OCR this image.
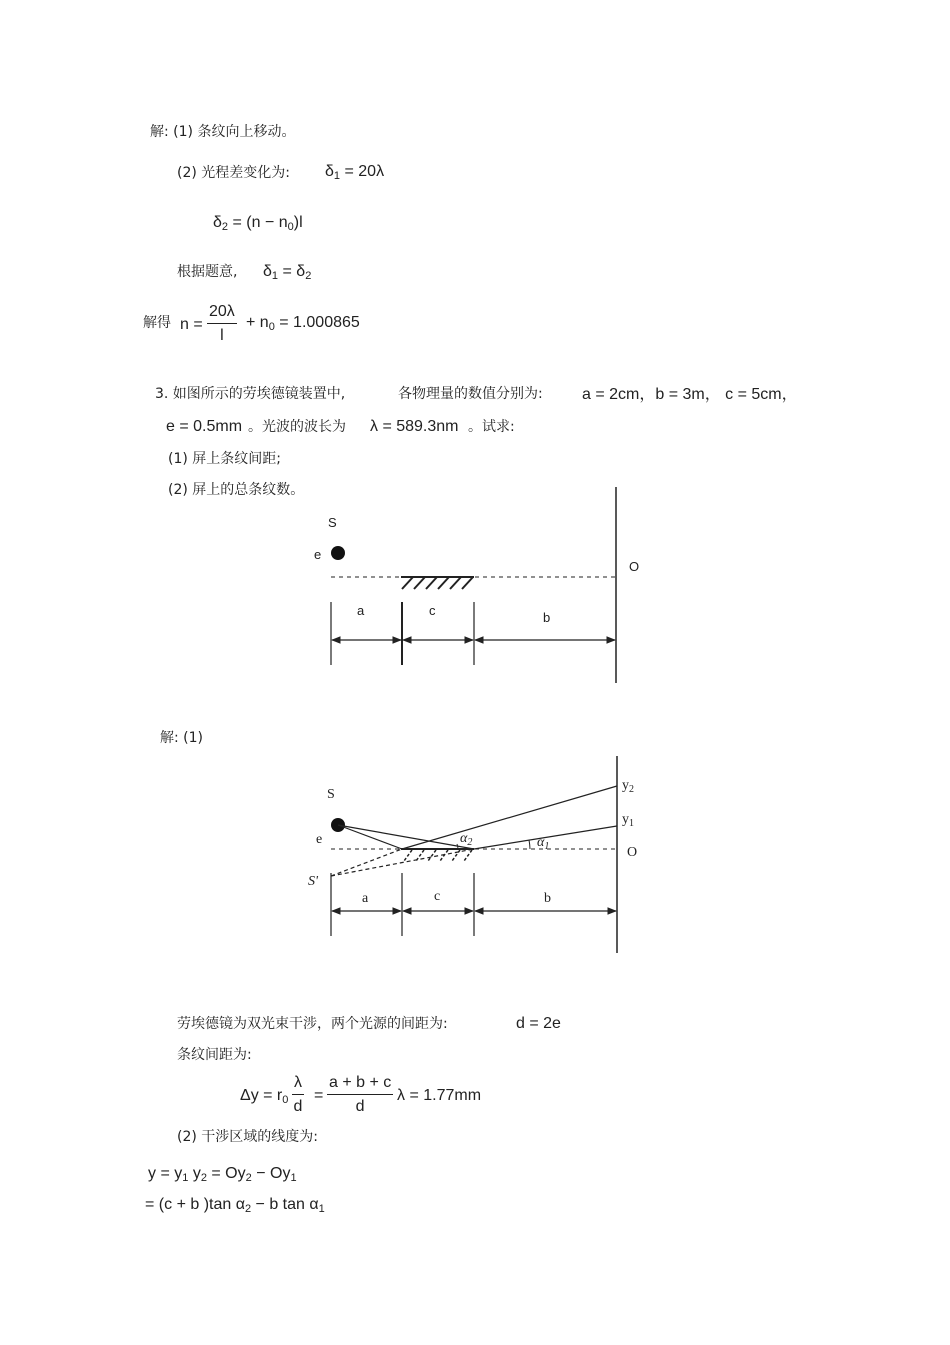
解: (1) 条纹向上移动。
(2) 光程差变化为: δ1 = 20λ
δ2 = (n − n0)l
根据题意, δ1 = δ2
解得 $n = \frac{20\lambda}{l} + n0 = 1.000865$
3. 如图所示的劳埃德镜装置中,	各物理量的数值分别为: a = 2cm，b = 3m， c = 5cm，
e = 0.5mm 。光波的波长为 λ = 589.3nm 。试求:
(1) 屏上条纹间距;
(2) 屏上的总条纹数。
S
e
O
a	c	b
S
e
S'
O
$y_2$
$y_1$
$\alpha_2$	$\alpha_1$
a	c	b
解: (1)
劳埃德镜为双光束干涉，两个光源的间距为:	d = 2e
条纹间距为:
$\Delta y = r0 \frac{\lambda}{d} = \frac{a + b + c}{d}$ λ = 1.77mm
(2) 干涉区域的线度为:
y = y1 y2 = Oy2 − Oy1
= (c + b )tan α2 − b tan α1
